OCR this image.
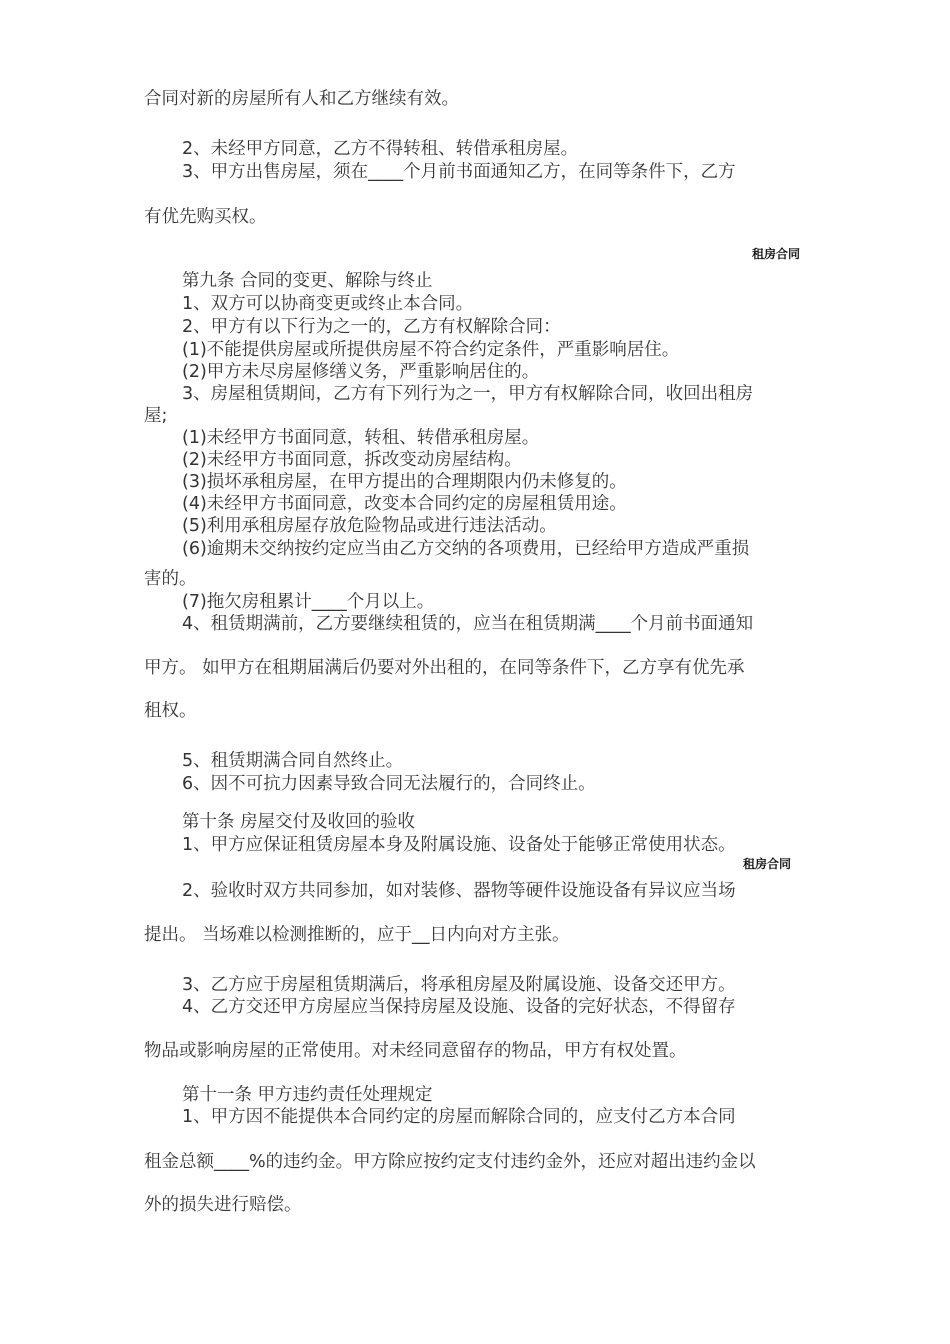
合同对新的房屋所有人和乙方继续有效。

2、未经甲方同意，乙方不得转租、转借承租房屋。

3、甲方出售房屋，须在____个月前书面通知乙方，在同等条件下，乙方

有优先购买权。

租房合同

第九条 合同的变更、解除与终止

1、双方可以协商变更或终止本合同。

2、甲方有以下行为之一的，乙方有权解除合同：

(1)不能提供房屋或所提供房屋不符合约定条件，严重影响居住。

(2)甲方未尽房屋修缮义务，严重影响居住的。

3、房屋租赁期间，乙方有下列行为之一，甲方有权解除合同，收回出租房

屋;

(1)未经甲方书面同意，转租、转借承租房屋。

(2)未经甲方书面同意，拆改变动房屋结构。

(3)损坏承租房屋，在甲方提出的合理期限内仍未修复的。

(4)未经甲方书面同意，改变本合同约定的房屋租赁用途。

(5)利用承租房屋存放危险物品或进行违法活动。

(6)逾期未交纳按约定应当由乙方交纳的各项费用，已经给甲方造成严重损

害的。

(7)拖欠房租累计____个月以上。

4、租赁期满前，乙方要继续租赁的，应当在租赁期满____个月前书面通知

甲方。 如甲方在租期届满后仍要对外出租的，在同等条件下，乙方享有优先承

租权。

5、租赁期满合同自然终止。

6、因不可抗力因素导致合同无法履行的，合同终止。

第十条 房屋交付及收回的验收

1、甲方应保证租赁房屋本身及附属设施、设备处于能够正常使用状态。

租房合同

2、验收时双方共同参加，如对装修、器物等硬件设施设备有异议应当场

提出。 当场难以检测推断的，应于__日内向对方主张。

3、乙方应于房屋租赁期满后，将承租房屋及附属设施、设备交还甲方。

4、乙方交还甲方房屋应当保持房屋及设施、设备的完好状态，不得留存

物品或影响房屋的正常使用。对未经同意留存的物品，甲方有权处置。

第十一条 甲方违约责任处理规定

1、甲方因不能提供本合同约定的房屋而解除合同的，应支付乙方本合同

租金总额____%的违约金。甲方除应按约定支付违约金外，还应对超出违约金以

外的损失进行赔偿。
